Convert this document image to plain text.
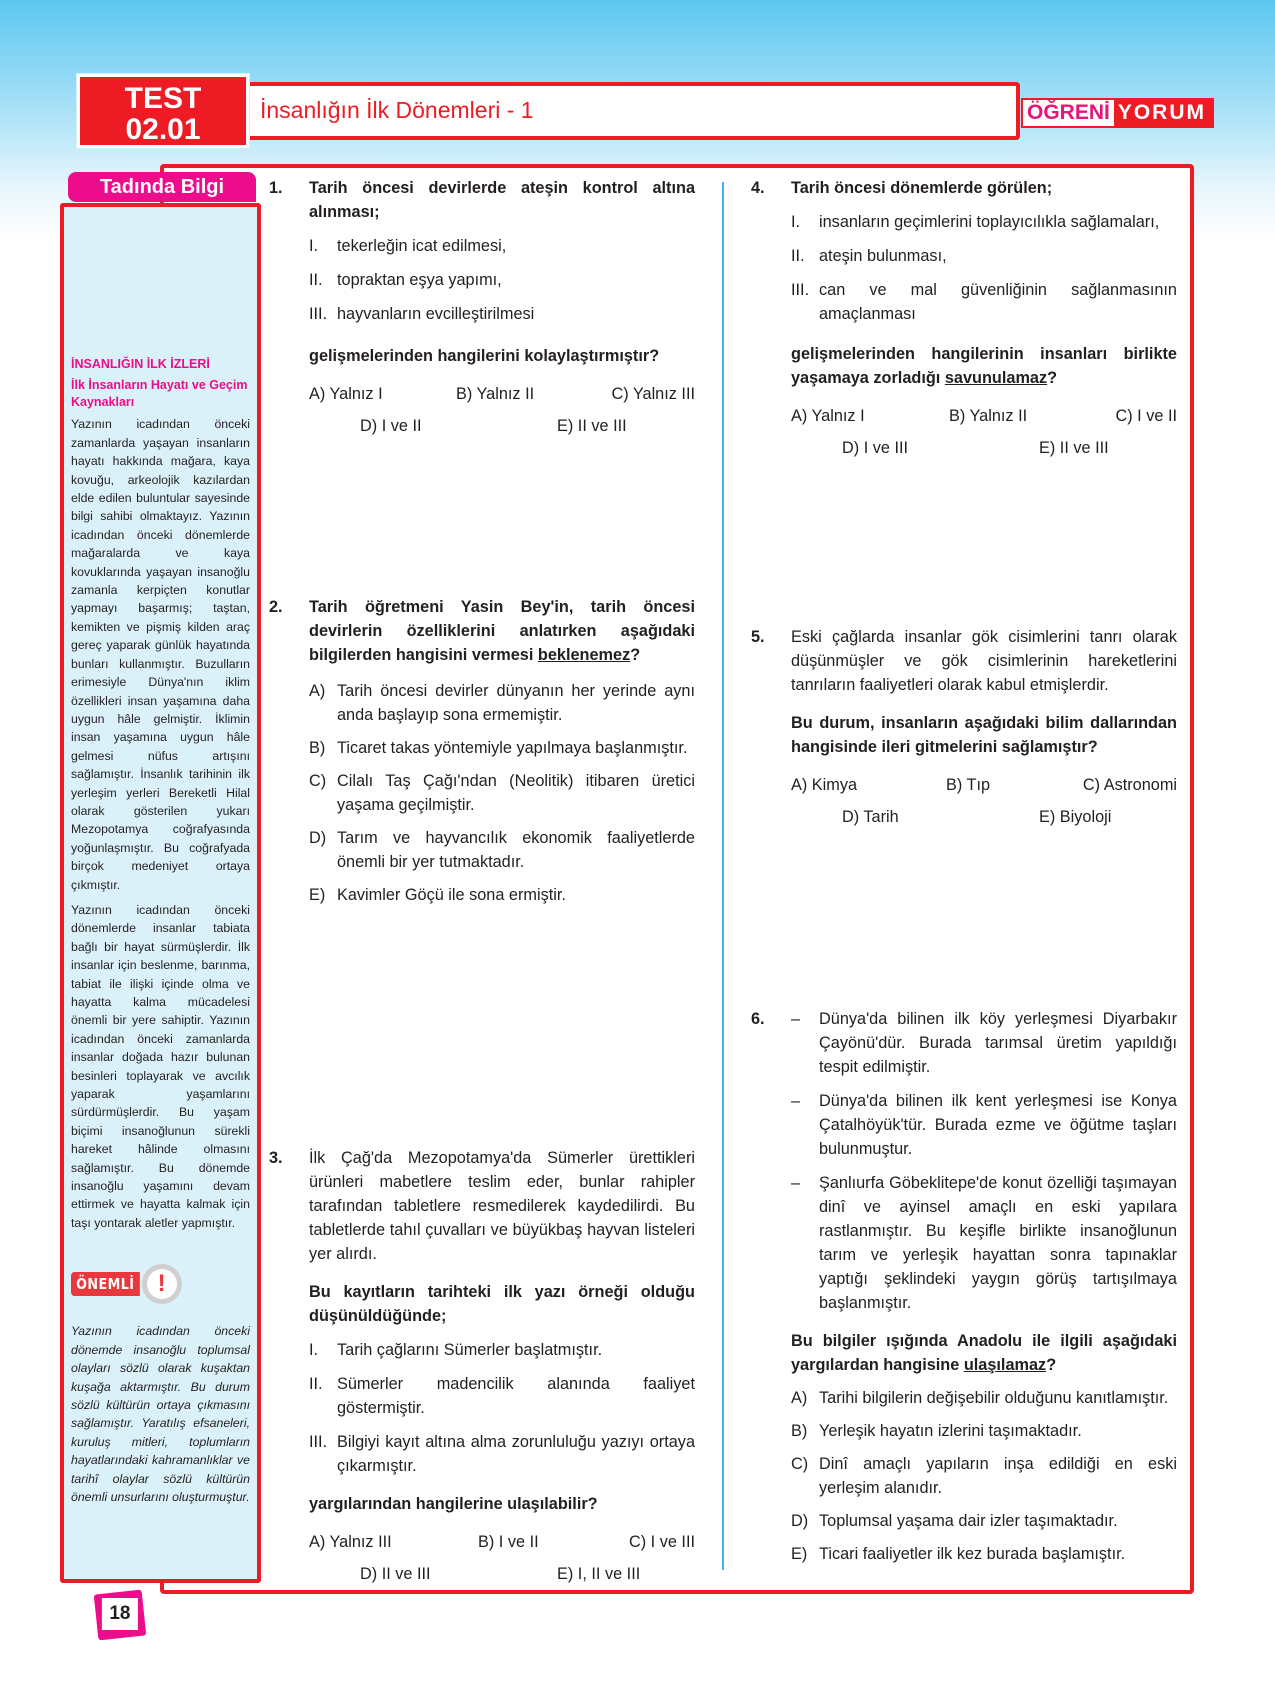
İnsanlığın İlk Dönemleri - 1
TEST
02.01
ÖĞRENİ YORUM
İNSANLIĞIN İLK İZLERİ
İlk İnsanların Hayatı ve Geçim Kaynakları

Yazının icadından önceki zamanlarda yaşayan insanların hayatı hakkında mağara, kaya kovuğu, arkeolojik kazılardan elde edilen buluntular sayesinde bilgi sahibi olmaktayız. Yazının icadından önceki dönemlerde mağaralarda ve kaya kovuklarında yaşayan insanoğlu zamanla kerpiçten konutlar yapmayı başarmış; taştan, kemikten ve pişmiş kilden araç gereç yaparak günlük hayatında bunları kullanmıştır. Buzulların erimesiyle Dünya'nın iklim özellikleri insan yaşamına daha uygun hâle gelmiştir. İklimin insan yaşamına uygun hâle gelmesi nüfus artışını sağlamıştır. İnsanlık tarihinin ilk yerleşim yerleri Bereketli Hilal olarak gösterilen yukarı Mezopotamya coğrafyasında yoğunlaşmıştır. Bu coğrafyada birçok medeniyet ortaya çıkmıştır.

Yazının icadından önceki dönemlerde insanlar tabiata bağlı bir hayat sürmüşlerdir. İlk insanlar için beslenme, barınma, tabiat ile ilişki içinde olma ve hayatta kalma mücadelesi önemli bir yere sahiptir. Yazının icadından önceki zamanlarda insanlar doğada hazır bulunan besinleri toplayarak ve avcılık yaparak yaşamlarını sürdürmüşlerdir. Bu yaşam biçimi insanoğlunun sürekli hareket hâlinde olmasını sağlamıştır. Bu dönemde insanoğlu yaşamını devam ettirmek ve hayatta kalmak için taşı yontarak aletler yapmıştır.

ÖNEMLİ !

Yazının icadından önceki dönemde insanoğlu toplumsal olayları sözlü olarak kuşaktan kuşağa aktarmıştır. Bu durum sözlü kültürün ortaya çıkmasını sağlamıştır. Yaratılış efsaneleri, kuruluş mitleri, toplumların hayatlarındaki kahramanlıklar ve tarihî olaylar sözlü kültürün önemli unsurlarını oluşturmuştur.

Tadında Bilgi
18
1. Tarih öncesi devirlerde ateşin kontrol altına alınması;
I.	tekerleğin icat edilmesi,
II. topraktan eşya yapımı,
III. hayvanların evcilleştirilmesi
gelişmelerinden hangilerini kolaylaştırmıştır?
A) Yalnız I	B) Yalnız II	C) Yalnız III
D) I ve II	E) II ve III
2. Tarih öğretmeni Yasin Bey'in, tarih öncesi devirlerin özelliklerini anlatırken aşağıdaki bilgilerden hangisini vermesi beklenemez?
A) Tarih öncesi devirler dünyanın her yerinde aynı anda başlayıp sona ermemiştir.
B) Ticaret takas yöntemiyle yapılmaya başlanmıştır.
C) Cilalı Taş Çağı'ndan (Neolitik) itibaren üretici yaşama geçilmiştir.
D) Tarım ve hayvancılık ekonomik faaliyetlerde önemli bir yer tutmaktadır.
E) Kavimler Göçü ile sona ermiştir.
3. İlk Çağ'da Mezopotamya'da Sümerler ürettikleri ürünleri mabetlere teslim eder, bunlar rahipler tarafından tabletlere resmedilerek kaydedilirdi. Bu tabletlerde tahıl çuvalları ve büyükbaş hayvan listeleri yer alırdı.
Bu kayıtların tarihteki ilk yazı örneği olduğu düşünüldüğünde;
I.	Tarih çağlarını Sümerler başlatmıştır.
II. Sümerler madencilik alanında faaliyet göstermiştir.
III. Bilgiyi kayıt altına alma zorunluluğu yazıyı ortaya çıkarmıştır.
yargılarından hangilerine ulaşılabilir?
A) Yalnız III	B) I ve II	C) I ve III
D) II ve III	E) I, II ve III
4. Tarih öncesi dönemlerde görülen;
I.	insanların geçimlerini toplayıcılıkla sağlamaları,
II. ateşin bulunması,
III. can ve mal güvenliğinin sağlanmasının amaçlanması
gelişmelerinden hangilerinin insanları birlikte yaşamaya zorladığı savunulamaz?
A) Yalnız I	B) Yalnız II	C) I ve II
D) I ve III	E) II ve III
5. Eski çağlarda insanlar gök cisimlerini tanrı olarak düşünmüşler ve gök cisimlerinin hareketlerini tanrıların faaliyetleri olarak kabul etmişlerdir.
Bu durum, insanların aşağıdaki bilim dallarından hangisinde ileri gitmelerini sağlamıştır?
A) Kimya	B) Tıp	C) Astronomi
D) Tarih	E) Biyoloji
6. –	Dünya'da bilinen ilk köy yerleşmesi Diyarbakır Çayönü'dür. Burada tarımsal üretim yapıldığı tespit edilmiştir.
–	Dünya'da bilinen ilk kent yerleşmesi ise Konya Çatalhöyük'tür. Burada ezme ve öğütme taşları bulunmuştur.
–	Şanlıurfa Göbeklitepe'de konut özelliği taşımayan dinî ve ayinsel amaçlı en eski yapılara rastlanmıştır. Bu keşifle birlikte insanoğlunun tarım ve yerleşik hayattan sonra tapınaklar yaptığı şeklindeki yaygın görüş tartışılmaya başlanmıştır.
Bu bilgiler ışığında Anadolu ile ilgili aşağıdaki yargılardan hangisine ulaşılamaz?
A) Tarihi bilgilerin değişebilir olduğunu kanıtlamıştır.
B) Yerleşik hayatın izlerini taşımaktadır.
C) Dinî amaçlı yapıların inşa edildiği en eski yerleşim alanıdır.
D) Toplumsal yaşama dair izler taşımaktadır.
E) Ticari faaliyetler ilk kez burada başlamıştır.
